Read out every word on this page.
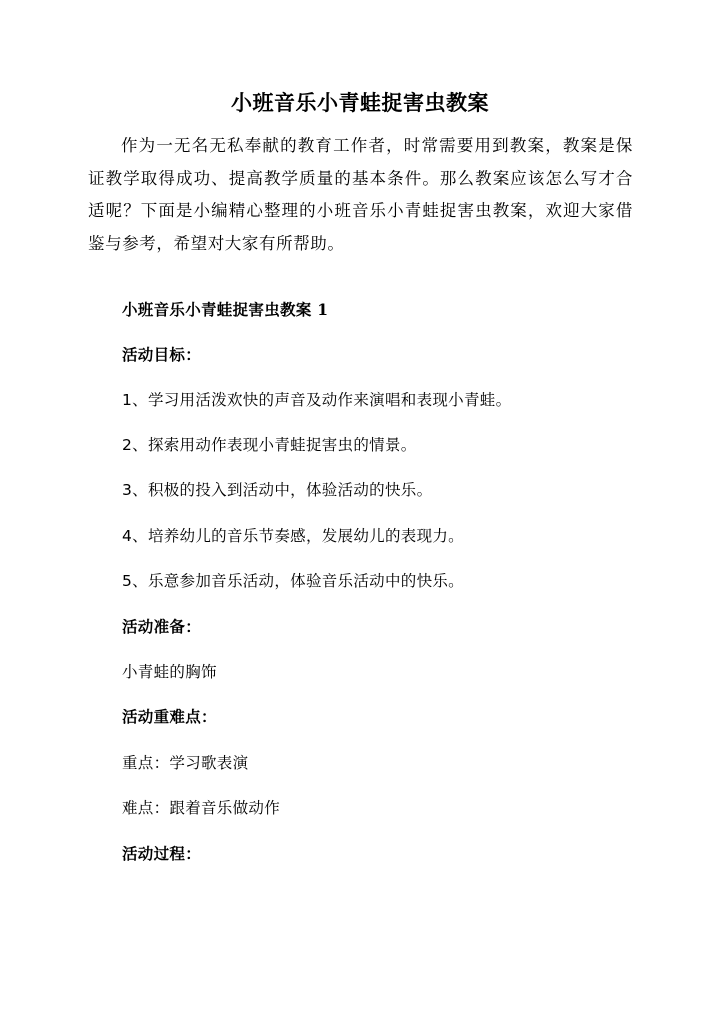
小班音乐小青蛙捉害虫教案

作为一无名无私奉献的教育工作者，时常需要用到教案，教案是保证教学取得成功、提高教学质量的基本条件。那么教案应该怎么写才合适呢？下面是小编精心整理的小班音乐小青蛙捉害虫教案，欢迎大家借鉴与参考，希望对大家有所帮助。

小班音乐小青蛙捉害虫教案 1
活动目标：
1、学习用活泼欢快的声音及动作来演唱和表现小青蛙。
2、探索用动作表现小青蛙捉害虫的情景。
3、积极的投入到活动中，体验活动的快乐。
4、培养幼儿的音乐节奏感，发展幼儿的表现力。
5、乐意参加音乐活动，体验音乐活动中的快乐。
活动准备：
小青蛙的胸饰
活动重难点：
重点：学习歌表演
难点：跟着音乐做动作
活动过程：
